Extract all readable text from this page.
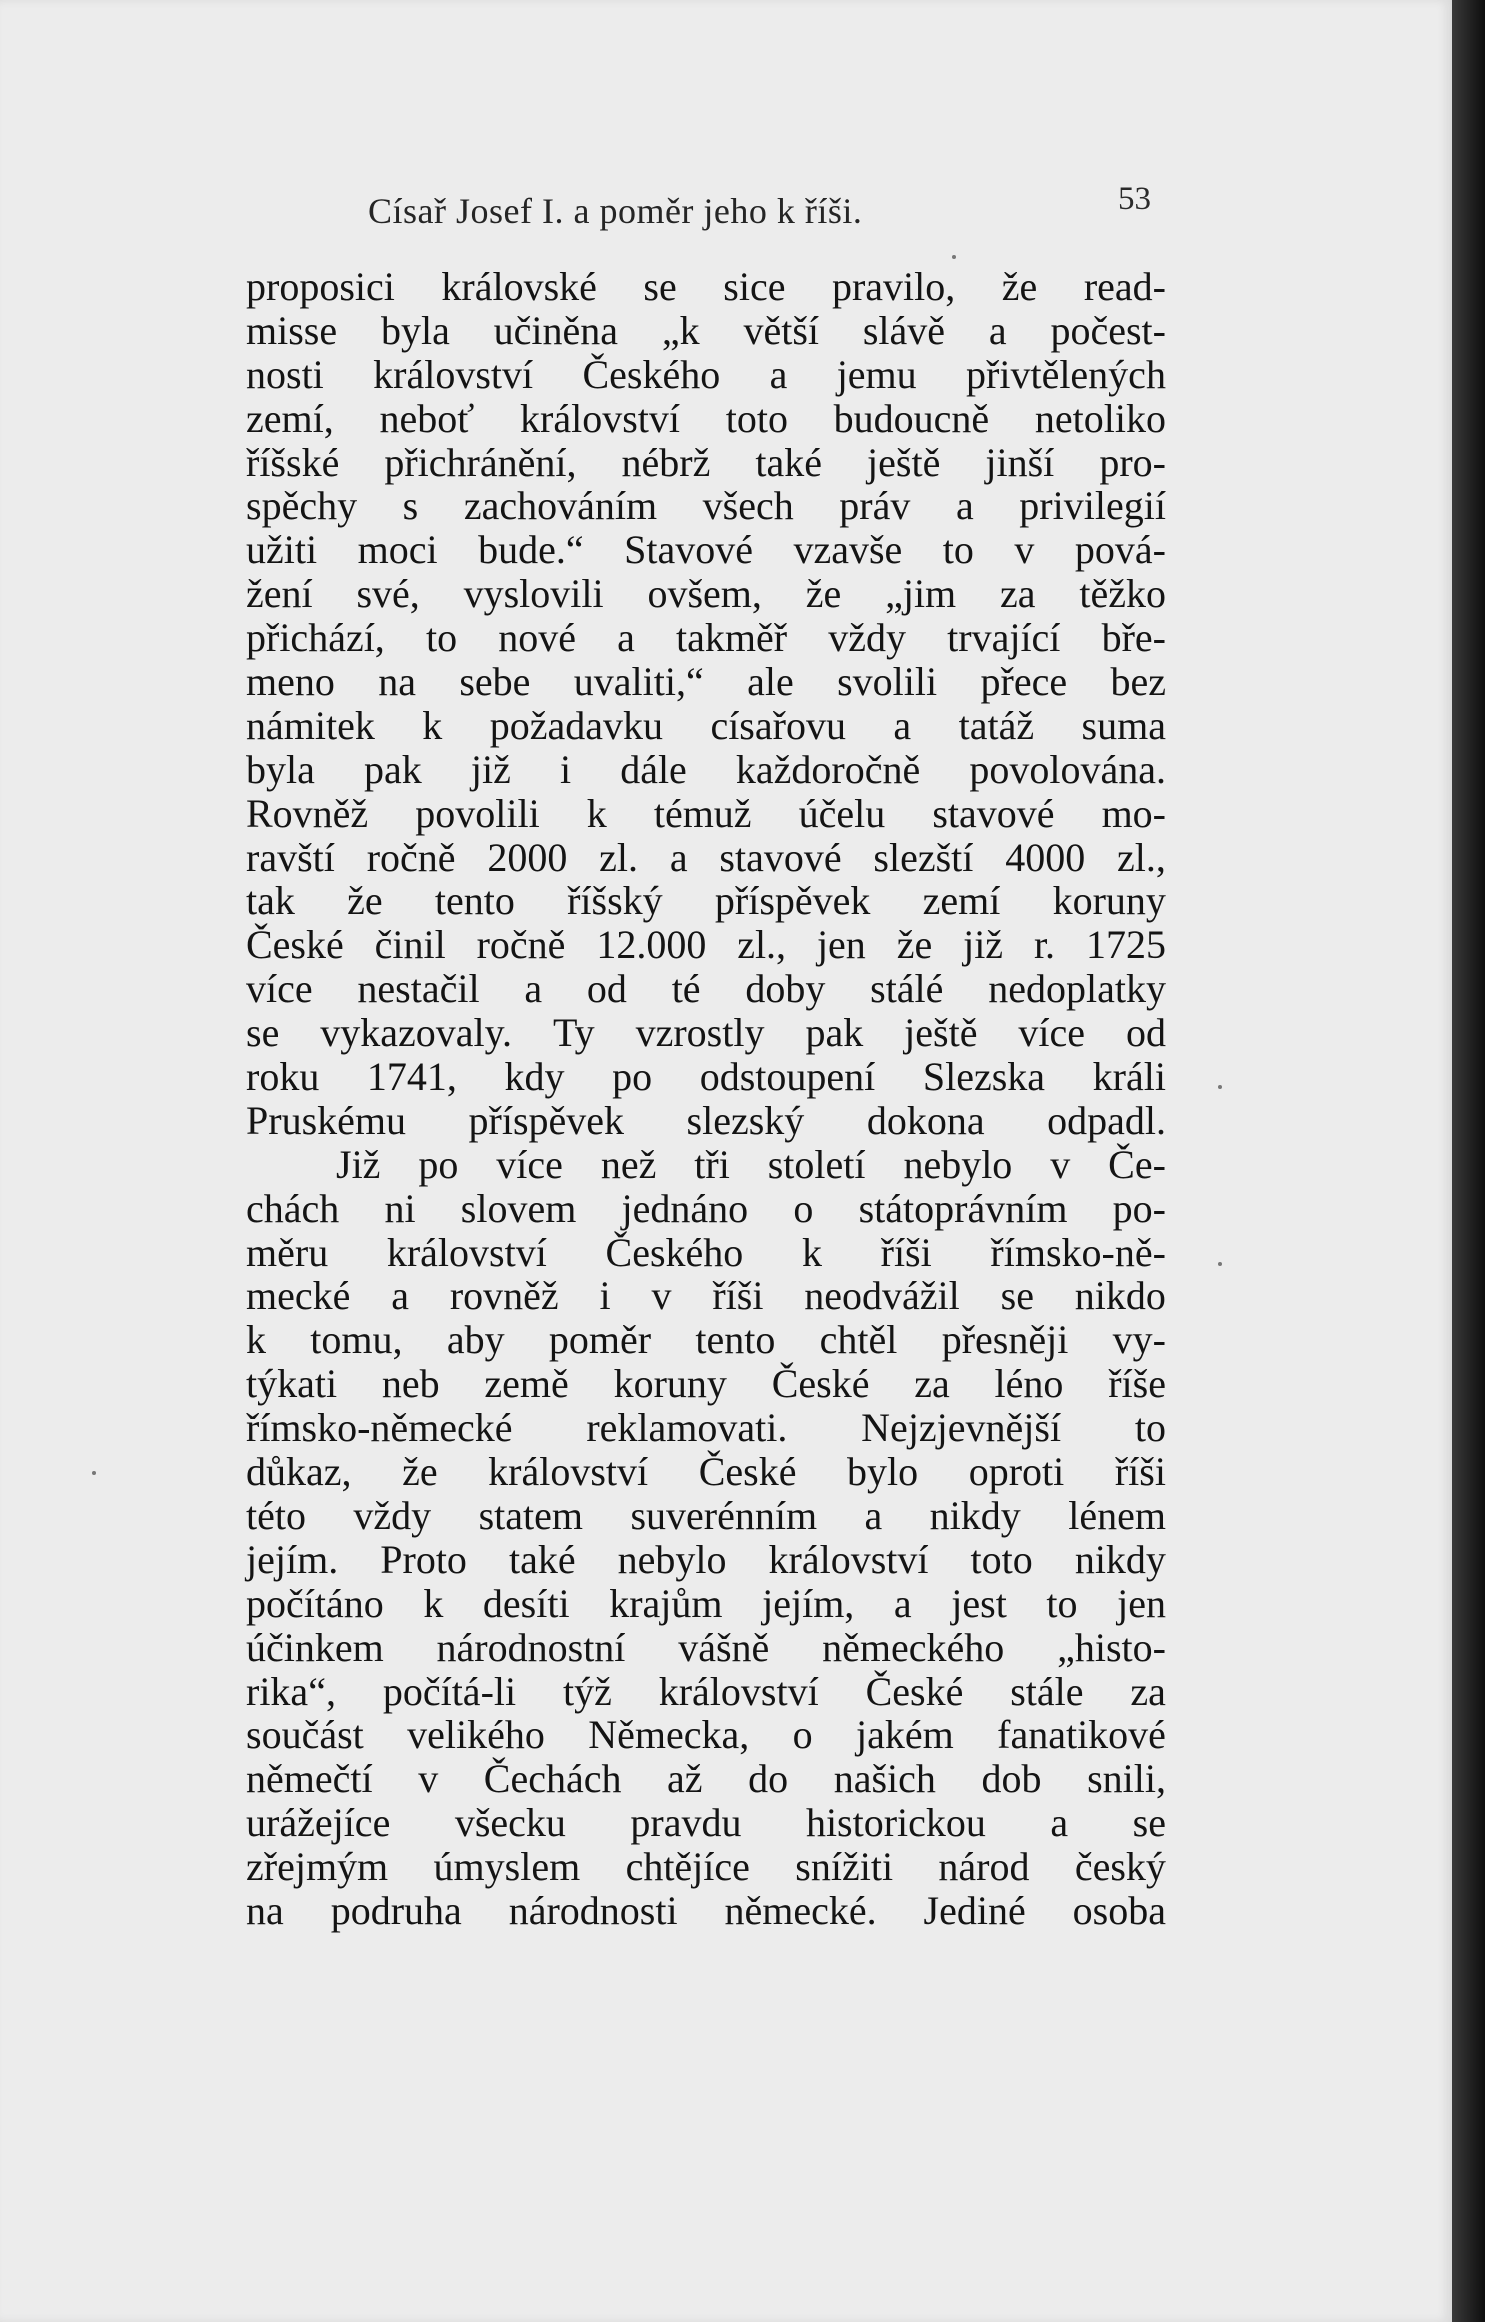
Císař Josef I. a poměr jeho k říši.	53
proposici královské se sice pravilo, že read-
misse byla učiněna „k větší slávě a počest-
nosti království Českého a jemu přivtělených
zemí, neboť království toto budoucně netoliko
říšské přichránění, nébrž také ještě jinší pro-
spěchy s zachováním všech práv a privilegií
užiti moci bude.“ Stavové vzavše to v pová-
žení své, vyslovili ovšem, že „jim za těžko
přichází, to nové a takměř vždy trvající bře-
meno na sebe uvaliti,“ ale svolili přece bez
námitek k požadavku císařovu a tatáž suma
byla pak již i dále každoročně povolována.
Rovněž povolili k témuž účelu stavové mo-
ravští ročně 2000 zl. a stavové slezští 4000 zl.,
tak že tento říšský příspěvek zemí koruny
České činil ročně 12.000 zl., jen že již r. 1725
více nestačil a od té doby stálé nedoplatky
se vykazovaly. Ty vzrostly pak ještě více od
roku 1741, kdy po odstoupení Slezska králi
Pruskému příspěvek slezský dokona odpadl.
Již po více než tři století nebylo v Če-
chách ni slovem jednáno o státoprávním po-
měru království Českého k říši římsko-ně-
mecké a rovněž i v říši neodvážil se nikdo
k tomu, aby poměr tento chtěl přesněji vy-
týkati neb země koruny České za léno říše
římsko-německé reklamovati. Nejzjevnější to
důkaz, že království České bylo oproti říši
této vždy statem suverénním a nikdy lénem
jejím. Proto také nebylo království toto nikdy
počítáno k desíti krajům jejím, a jest to jen
účinkem národnostní vášně německého „histo-
rika“, počítá-li týž království České stále za
součást velikého Německa, o jakém fanatikové
němečtí v Čechách až do našich dob snili,
urážejíce všecku pravdu historickou a se
zřejmým úmyslem chtějíce snížiti národ český
na podruha národnosti německé. Jediné osoba
